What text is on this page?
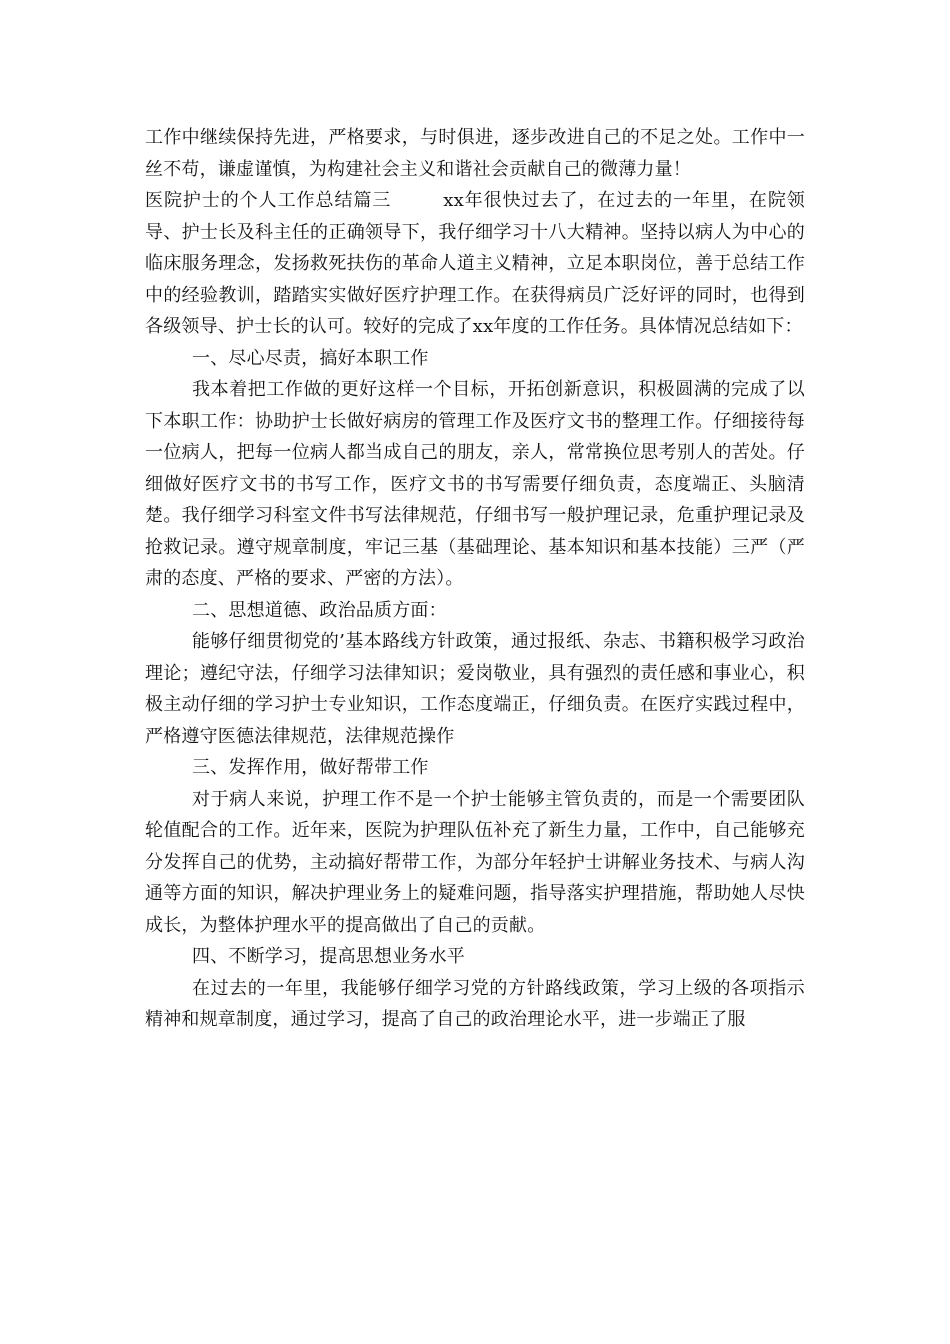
工作中继续保持先进，严格要求，与时俱进，逐步改进自己的不足之处。工作中一丝不苟，谦虚谨慎，为构建社会主义和谐社会贡献自己的微薄力量！

医院护士的个人工作总结篇三	xx年很快过去了，在过去的一年里，在院领导、护士长及科主任的正确领导下，我仔细学习十八大精神。坚持以病人为中心的临床服务理念，发扬救死扶伤的革命人道主义精神，立足本职岗位，善于总结工作中的经验教训，踏踏实实做好医疗护理工作。在获得病员广泛好评的同时，也得到各级领导、护士长的认可。较好的完成了xx年度的工作任务。具体情况总结如下：

一、尽心尽责，搞好本职工作

我本着把工作做的更好这样一个目标，开拓创新意识，积极圆满的完成了以下本职工作：协助护士长做好病房的管理工作及医疗文书的整理工作。仔细接待每一位病人，把每一位病人都当成自己的朋友，亲人，常常换位思考别人的苦处。仔细做好医疗文书的书写工作，医疗文书的书写需要仔细负责，态度端正、头脑清楚。我仔细学习科室文件书写法律规范，仔细书写一般护理记录，危重护理记录及抢救记录。遵守规章制度，牢记三基（基础理论、基本知识和基本技能）三严（严肃的态度、严格的要求、严密的方法）。

二、思想道德、政治品质方面：

能够仔细贯彻党的’基本路线方针政策，通过报纸、杂志、书籍积极学习政治理论；遵纪守法，仔细学习法律知识；爱岗敬业，具有强烈的责任感和事业心，积极主动仔细的学习护士专业知识，工作态度端正，仔细负责。在医疗实践过程中，严格遵守医德法律规范，法律规范操作

三、发挥作用，做好帮带工作

对于病人来说，护理工作不是一个护士能够主管负责的，而是一个需要团队轮值配合的工作。近年来，医院为护理队伍补充了新生力量，工作中，自己能够充分发挥自己的优势，主动搞好帮带工作，为部分年轻护士讲解业务技术、与病人沟通等方面的知识，解决护理业务上的疑难问题，指导落实护理措施，帮助她人尽快成长，为整体护理水平的提高做出了自己的贡献。

四、不断学习，提高思想业务水平

在过去的一年里，我能够仔细学习党的方针路线政策，学习上级的各项指示精神和规章制度，通过学习，提高了自己的政治理论水平，进一步端正了服
